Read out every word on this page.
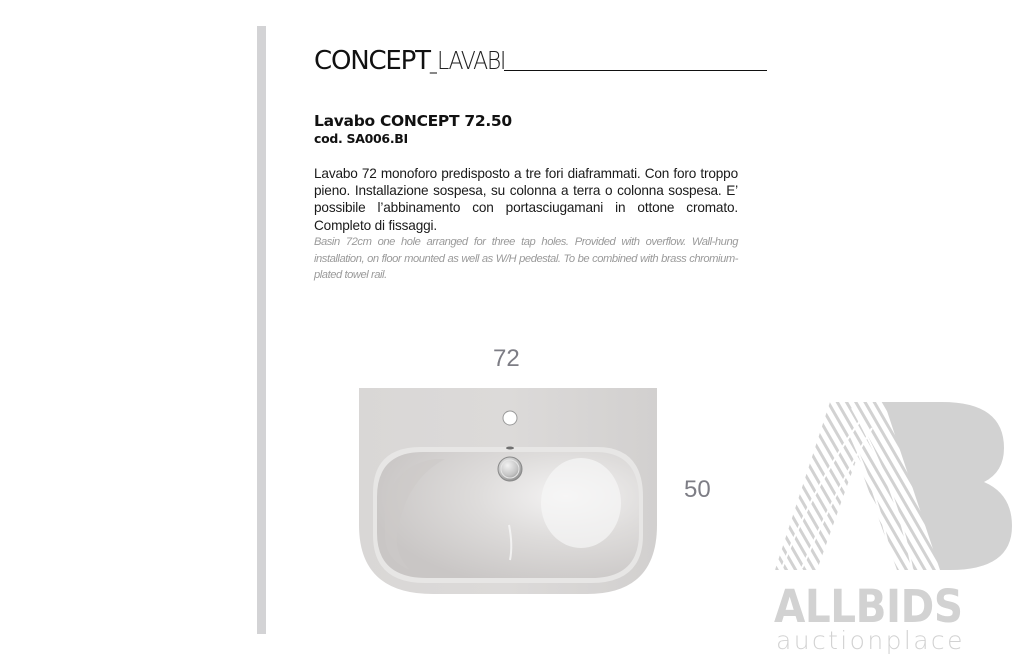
CONCEPT _ LAVABI
Lavabo CONCEPT 72.50
cod. SA006.BI
Lavabo 72 monoforo predisposto a tre fori diaframmati. Con foro troppo pieno. Installazione sospesa, su colonna a terra o colonna sospesa. E’ possibile l’abbinamento con portasciugamani in ottone cromato. Completo di fissaggi.
Basin 72cm one hole arranged for three tap holes. Provided with overflow. Wall-hung installation, on floor mounted as well as W/H pedestal. To be combined with brass chromium-plated towel rail.
72
50
ALLBIDS
auctionplace
